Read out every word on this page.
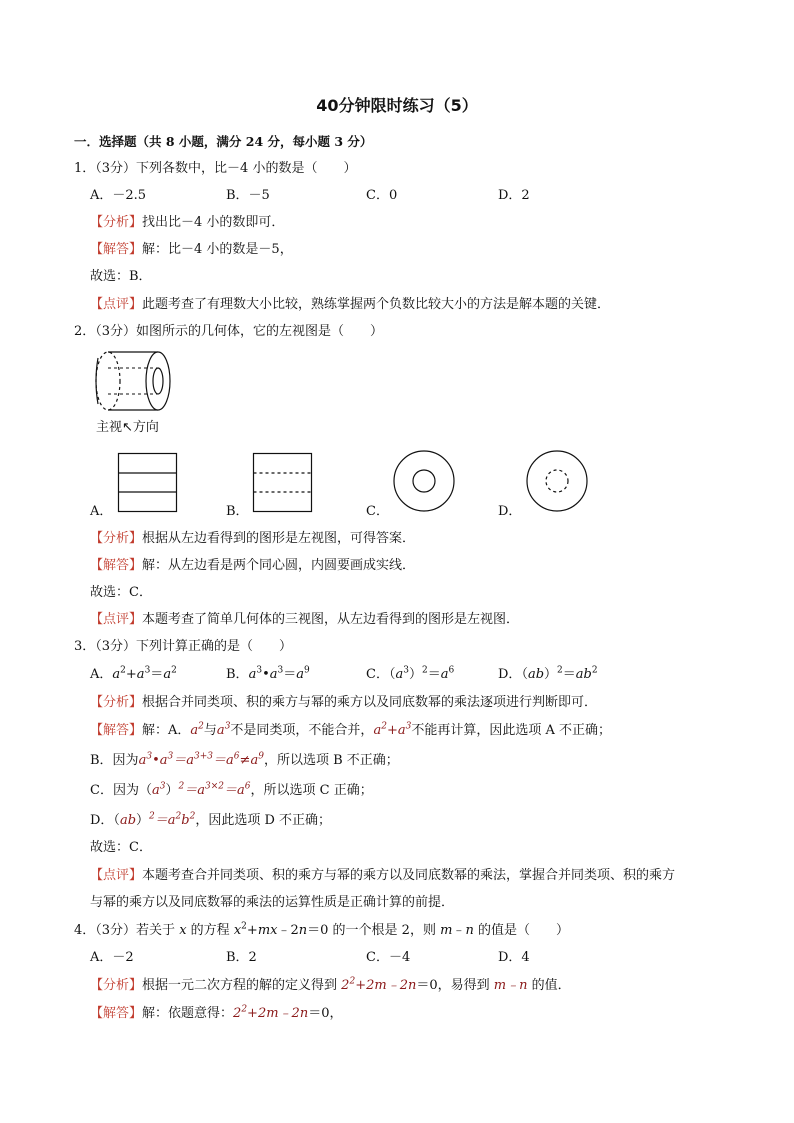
40分钟限时练习（5）
一．选择题（共 8 小题，满分 24 分，每小题 3 分）
1．（3分）下列各数中，比－4 小的数是（　　）
A．－2.5	B．－5	C．0	D．2
【分析】找出比－4 小的数即可．
【解答】解：比－4 小的数是－5，
故选：B．
【点评】此题考查了有理数大小比较，熟练掌握两个负数比较大小的方法是解本题的关键．
2．（3分）如图所示的几何体，它的左视图是（　　）
主视↖方向
A．	B．	C．	D．
【分析】根据从左边看得到的图形是左视图，可得答案．
【解答】解：从左边看是两个同心圆，内圆要画成实线．
故选：C．
【点评】本题考查了简单几何体的三视图，从左边看得到的图形是左视图．
3．（3分）下列计算正确的是（　　）
A．$a^2+a^3=a^2$	B．$a^3•a^3=a^9$	C．$(a^3)^2=a^6$	D．$(ab)^2=ab^2$
【分析】根据合并同类项、积的乘方与幂的乘方以及同底数幂的乘法逐项进行判断即可．
【解答】解：A．$a^2$与$a^3$不是同类项，不能合并，$a^2+a^3$不能再计算，因此选项 A 不正确；
B．因为$a^3•a^3=a^{3+3}=a^6\ne a^9$，所以选项 B 不正确；
C．因为$(a^3)^2=a^{3\times 2}=a^6$，所以选项 C 正确；
D．$(ab)^2=a^2b^2$，因此选项 D 不正确；
故选：C．
【点评】本题考查合并同类项、积的乘方与幂的乘方以及同底数幂的乘法，掌握合并同类项、积的乘方
与幂的乘方以及同底数幂的乘法的运算性质是正确计算的前提．
4．（3分）若关于 x 的方程 $x^2+mx﹣2n=0$ 的一个根是 2，则 m﹣n 的值是（　　）
A．－2	B．2	C．－4	D．4
【分析】根据一元二次方程的解的定义得到 $2^2+2m﹣2n=0$，易得到 m﹣n 的值．
【解答】解：依题意得：$2^2+2m﹣2n=0$，
